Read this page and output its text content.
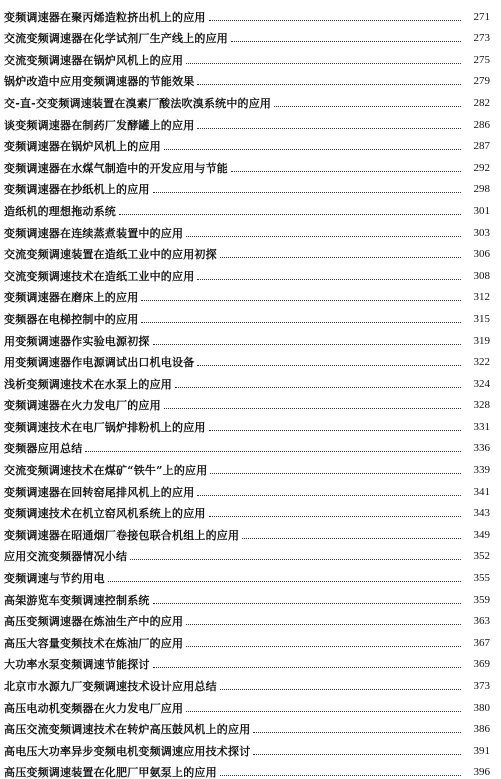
变频调速器在聚丙烯造粒挤出机上的应用	271
交流变频调速器在化学试剂厂生产线上的应用	273
交流变频调速器在锅炉风机上的应用	275
锅炉改造中应用变频调速器的节能效果	279
交-直-交变频调速装置在溴素厂酸法吹溴系统中的应用	282
谈变频调速器在制药厂发酵罐上的应用	286
变频调速器在锅炉风机上的应用	287
变频调速器在水煤气制造中的开发应用与节能	292
变频调速器在抄纸机上的应用	298
造纸机的理想拖动系统	301
变频调速器在连续蒸煮装置中的应用	303
交流变频调速装置在造纸工业中的应用初探	306
交流变频调速技术在造纸工业中的应用	308
变频调速器在磨床上的应用	312
变频器在电梯控制中的应用	315
用变频调速器作实验电源初探	319
用变频调速器作电源调试出口机电设备	322
浅析变频调速技术在水泵上的应用	324
变频调速器在火力发电厂的应用	328
变频调速技术在电厂锅炉排粉机上的应用	331
变频器应用总结	336
交流变频调速技术在煤矿“铁牛”上的应用	339
变频调速器在回转窑尾排风机上的应用	341
变频调速技术在机立窑风机系统上的应用	343
变频调速器在昭通烟厂卷接包联合机组上的应用	349
应用交流变频器情况小结	352
变频调速与节约用电	355
高架游览车变频调速控制系统	359
高压变频调速器在炼油生产中的应用	363
高压大容量变频技术在炼油厂的应用	367
大功率水泵变频调速节能探讨	369
北京市水源九厂变频调速技术设计应用总结	373
高压电动机变频器在火力发电厂应用	380
高压交流变频调速技术在转炉高压鼓风机上的应用	386
高电压大功率异步变频电机变频调速应用技术探讨	391
高压变频调速装置在化肥厂甲氨泵上的应用	396
